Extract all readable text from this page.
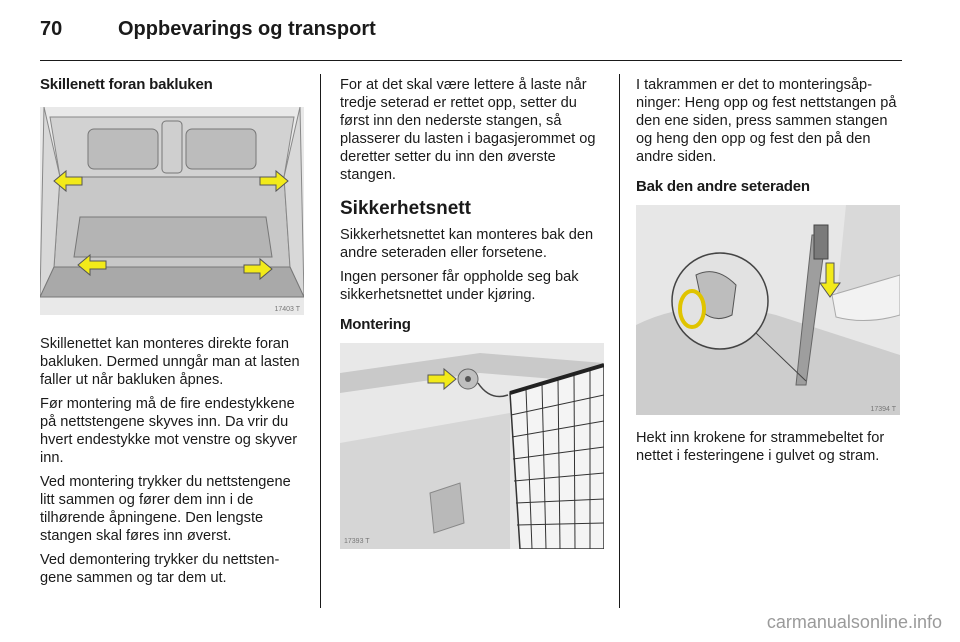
70	Oppbevarings og transport
Skillenett foran bakluken
17403 T

Skillenettet kan monteres direkte foran bakluken. Dermed unngår man at lasten faller ut når bakluken åpnes.

Før montering må de fire endestykkene på nettstengene skyves inn. Da vrir du hvert endestykke mot venstre og skyver inn.

Ved montering trykker du nettstengene litt sammen og fører dem inn i de tilhørende åpningene. Den lengste stangen skal føres inn øverst.

Ved demontering trykker du nettstengene sammen og tar dem ut.

For at det skal være lettere å laste når tredje seterad er rettet opp, setter du først inn den nederste stangen, så plasserer du lasten i bagasjerommet og deretter setter du inn den øverste stangen.

Sikkerhetsnett

Sikkerhetsnettet kan monteres bak den andre seteraden eller forsetene.

Ingen personer får oppholde seg bak sikkerhetsnettet under kjøring.

Montering
17393 T

I takrammen er det to monteringsåpninger: Heng opp og fest nettstangen på den ene siden, press sammen stangen og heng den opp og fest den på den andre siden.

Bak den andre seteraden
17394 T

Hekt inn krokene for strammebeltet for nettet i festeringene i gulvet og stram.

carmanualsonline.info
